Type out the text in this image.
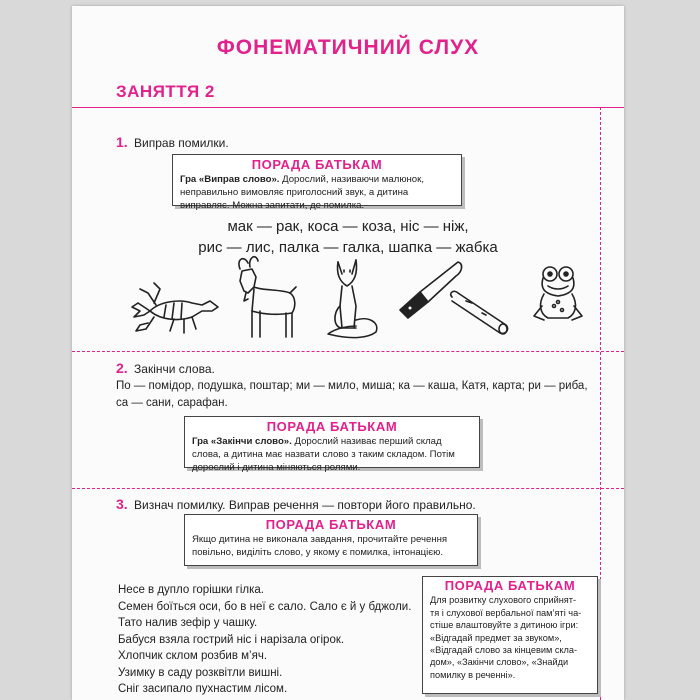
ФОНЕМАТИЧНИЙ СЛУХ
ЗАНЯТТЯ 2
1. Виправ помилки.
ПОРАДА БАТЬКАМ
Гра «Виправ слово». Дорослий, називаючи малюнок, неправильно вимовляє приголосний звук, а дитина виправляє. Можна запитати, де помилка.
мак — рак, коса — коза, ніс — ніж,
рис — лис, палка — галка, шапка — жабка
2. Закінчи слова.
По — помідор, подушка, поштар; ми — мило, миша; ка — каша, Катя, карта; ри — риба,
са — сани, сарафан.
ПОРАДА БАТЬКАМ
Гра «Закінчи слово». Дорослий називає перший склад слова, а дитина має назвати слово з таким складом. Потім дорослий і дитина міняються ролями.
3. Визнач помилку. Виправ речення — повтори його правильно.
ПОРАДА БАТЬКАМ
Якщо дитина не виконала завдання, прочитайте речення повільно, виділіть слово, у якому є помилка, інтонацією.
Несе в дупло горішки гілка.
Семен боїться оси, бо в неї є сало. Сало є й у бджоли.
Тато налив зефір у чашку.
Бабуся взяла гострий ніс і нарізала огірок.
Хлопчик склом розбив м’яч.
Узимку в саду розквітли вишні.
Сніг засипало пухнастим лісом.
ПОРАДА БАТЬКАМ
Для розвитку слухового сприйнят-
тя і слухової вербальної пам’яті ча-
стіше влаштовуйте з дитиною ігри:
«Відгадай предмет за звуком»,
«Відгадай слово за кінцевим скла-
дом», «Закінчи слово», «Знайди
помилку в реченні».
